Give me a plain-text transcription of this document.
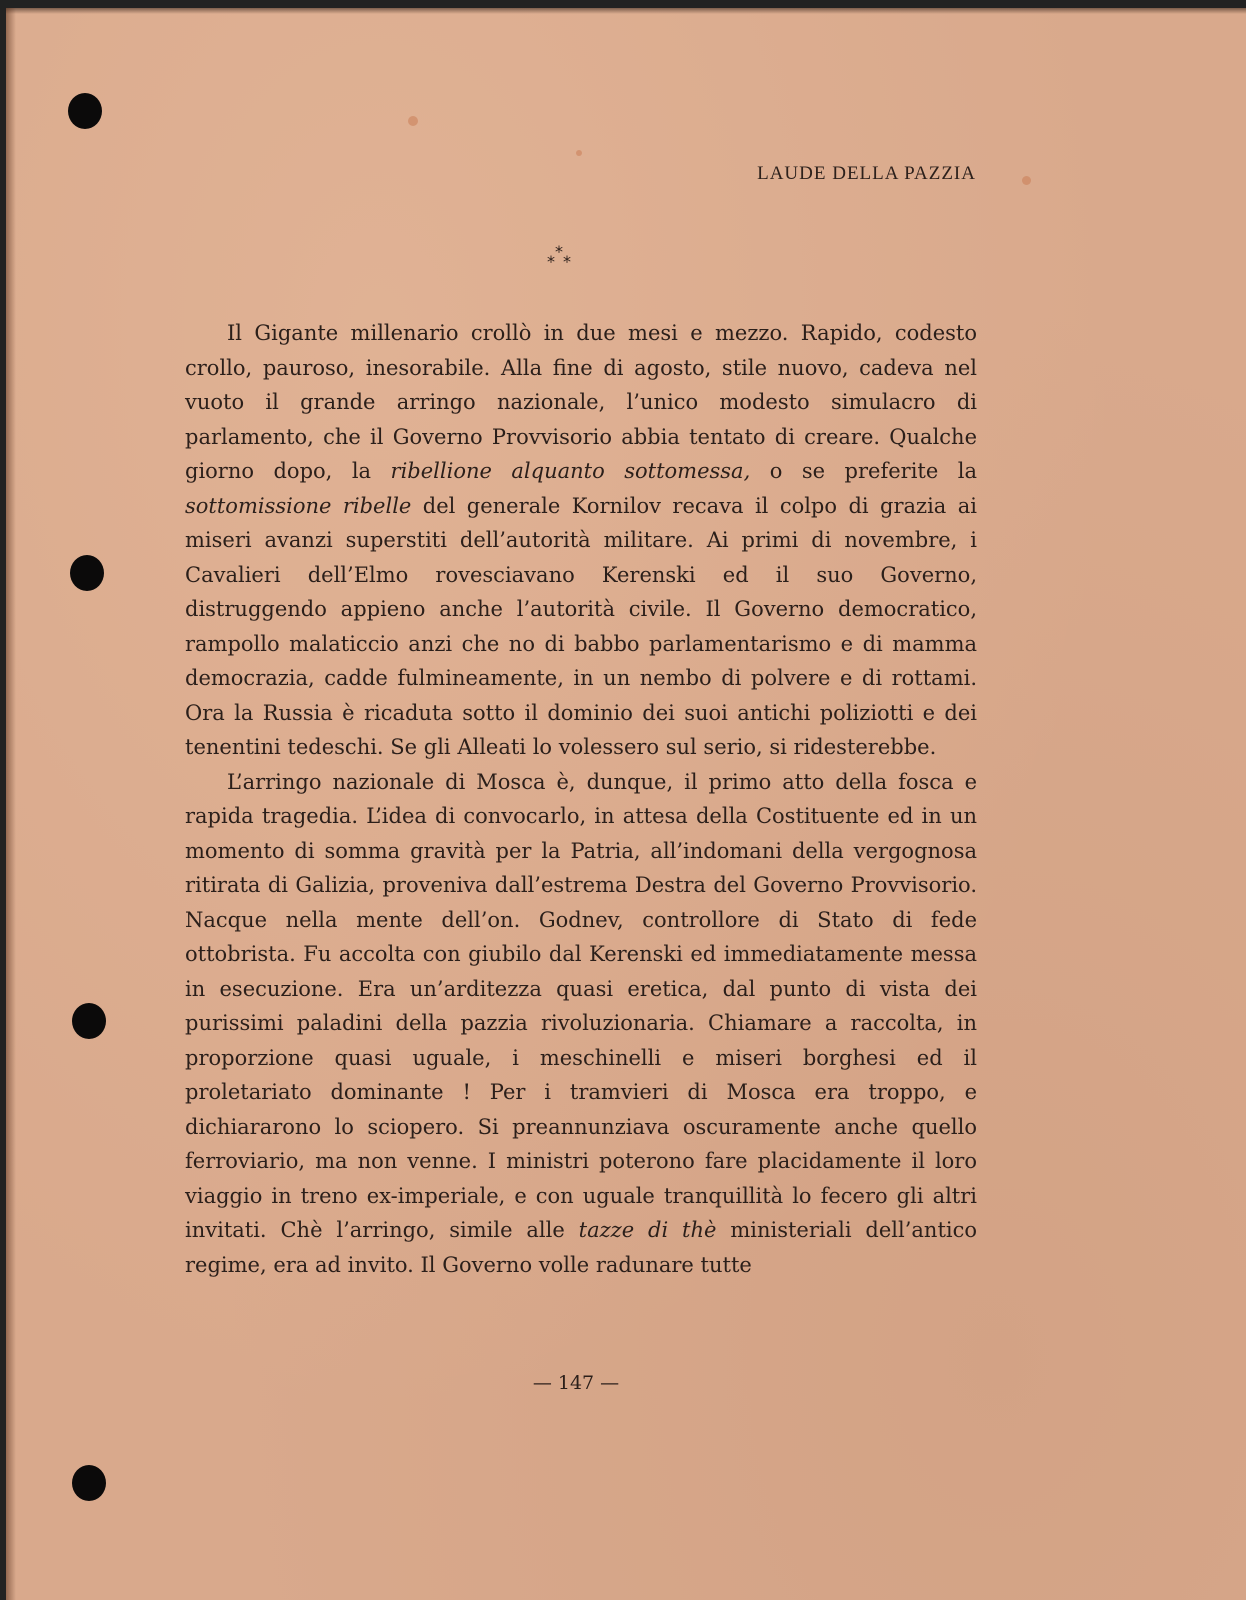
LAUDE DELLA PAZZIA
*
* *

Il Gigante millenario crollò in due mesi e mezzo. Rapido, codesto crollo, pauroso, inesorabile. Alla fine di agosto, stile nuovo, cadeva nel vuoto il grande arringo nazionale, l’unico modesto simulacro di parlamento, che il Governo Provvisorio abbia tentato di creare. Qualche giorno dopo, la ribellione alquanto sottomessa, o se preferite la sottomissione ribelle del generale Kornilov recava il colpo di grazia ai miseri avanzi superstiti dell’autorità militare. Ai primi di novembre, i Cavalieri dell’Elmo rovesciavano Kerenski ed il suo Governo, distruggendo appieno anche l’autorità civile. Il Governo democratico, rampollo malaticcio anzi che no di babbo parlamentarismo e di mamma democrazia, cadde fulmineamente, in un nembo di polvere e di rottami. Ora la Russia è ricaduta sotto il dominio dei suoi antichi poliziotti e dei tenentini tedeschi. Se gli Alleati lo volessero sul serio, si ridesterebbe.

L’arringo nazionale di Mosca è, dunque, il primo atto della fosca e rapida tragedia. L’idea di convocarlo, in attesa della Costituente ed in un momento di somma gravità per la Patria, all’indomani della vergognosa ritirata di Galizia, proveniva dall’estrema Destra del Governo Provvisorio. Nacque nella mente dell’on. Godnev, controllore di Stato di fede ottobrista. Fu accolta con giubilo dal Kerenski ed immediatamente messa in esecuzione. Era un’arditezza quasi eretica, dal punto di vista dei purissimi paladini della pazzia rivoluzionaria. Chiamare a raccolta, in proporzione quasi uguale, i meschinelli e miseri borghesi ed il proletariato dominante ! Per i tramvieri di Mosca era troppo, e dichiararono lo sciopero. Si preannunziava oscuramente anche quello ferroviario, ma non venne. I ministri poterono fare placidamente il loro viaggio in treno ex-imperiale, e con uguale tranquillità lo fecero gli altri invitati. Chè l’arringo, simile alle tazze di thè ministeriali dell’antico regime, era ad invito. Il Governo volle radunare tutte

— 147 —
